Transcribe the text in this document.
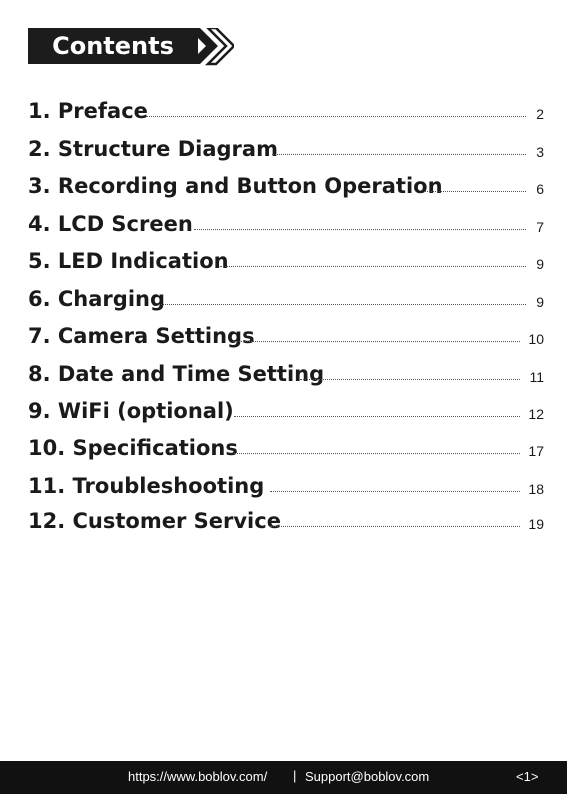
Contents
1. Preface	2
2. Structure Diagram	3
3. Recording and Button Operation	6
4. LCD Screen	7
5. LED Indication	9
6. Charging	9
7. Camera Settings	10
8. Date and Time Setting	11
9. WiFi (optional)	12
10. Specifications	17
11. Troubleshooting	18
12. Customer Service	19
https://www.boblov.com/ | Support@boblov.com	<1>
